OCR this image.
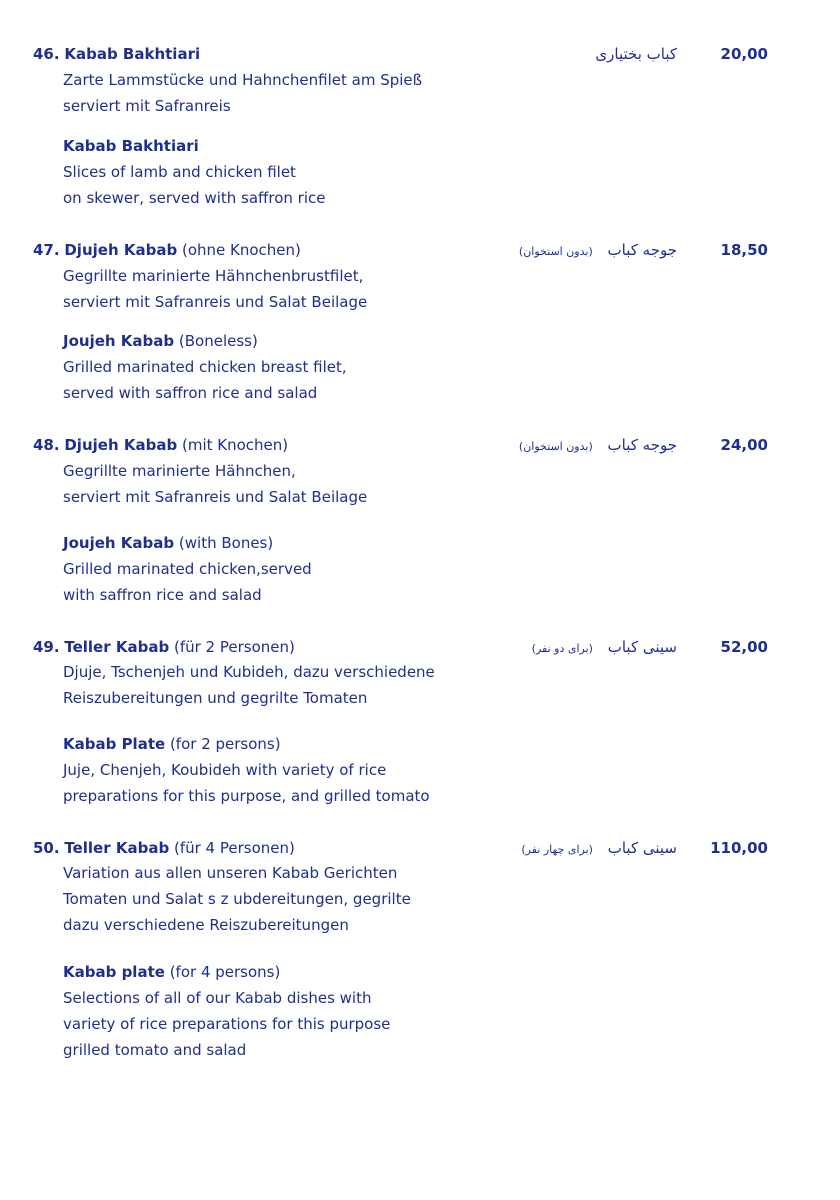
46. Kabab Bakhtiari	کباب بختیاری	20,00
Zarte Lammstücke und Hahnchenfilet am Spieß
serviert mit Safranreis
Kabab Bakhtiari
Slices of lamb and chicken filet
on skewer, served with saffron rice
47. Djujeh Kabab (ohne Knochen)	جوجه کباب (بدون استخوان)	18,50
Gegrillte marinierte Hähnchenbrustfilet,
serviert mit Safranreis und Salat Beilage
Joujeh Kabab (Boneless)
Grilled marinated chicken breast filet,
served with saffron rice and salad
48. Djujeh Kabab (mit Knochen)	جوجه کباب (بدون استخوان)	24,00
Gegrillte marinierte Hähnchen,
serviert mit Safranreis und Salat Beilage
Joujeh Kabab (with Bones)
Grilled marinated chicken,served
with saffron rice and salad
49. Teller Kabab (für 2 Personen)	سینی کباب (برای دو نفر)	52,00
Djuje, Tschenjeh und Kubideh, dazu verschiedene
Reiszubereitungen und gegrilte Tomaten
Kabab Plate (for 2 persons)
Juje, Chenjeh, Koubideh with variety of rice
preparations for this purpose, and grilled tomato
50. Teller Kabab (für 4 Personen)	سینی کباب (برای چهار نفر)	110,00
Variation aus allen unseren Kabab Gerichten
Tomaten und Salat s z ubdereitungen, gegrilte
dazu verschiedene Reiszubereitungen
Kabab plate (for 4 persons)
Selections of all of our Kabab dishes with
variety of rice preparations for this purpose
grilled tomato and salad
